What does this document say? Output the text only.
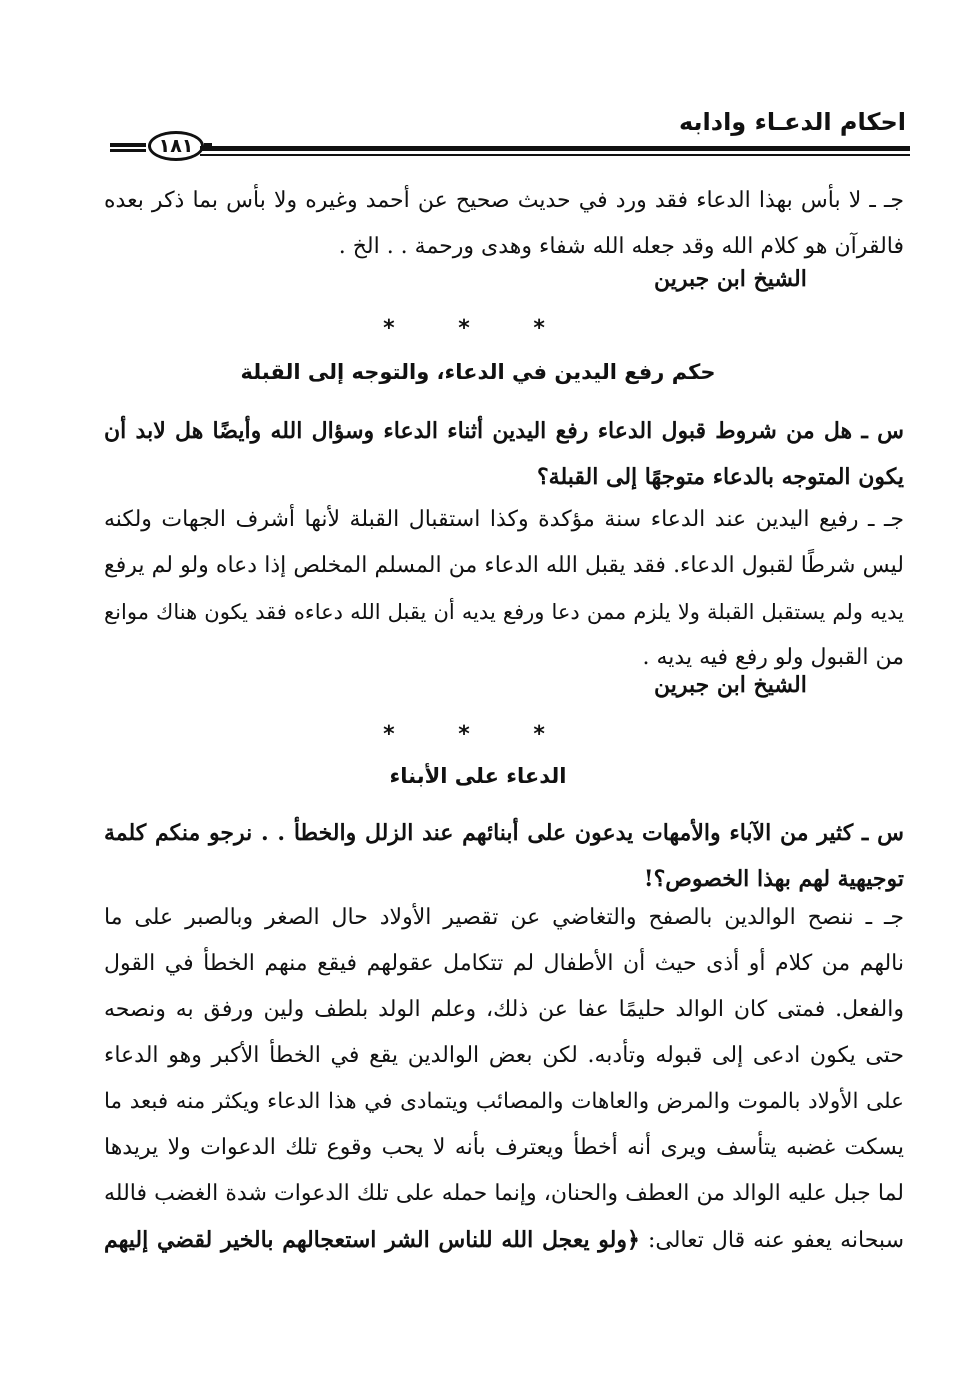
احكام الدعـاء وادابه
١٨١
جـ ـ لا بأس بهذا الدعاء فقد ورد في حديث صحيح عن أحمد وغيره ولا بأس بما ذكر بعده
فالقرآن هو كلام الله وقد جعله الله شفاء وهدى ورحمة . . الخ .
الشيخ ابن جبرين
* * *
حكم رفع اليدين في الدعاء، والتوجه إلى القبلة
س ـ هل من شروط قبول الدعاء رفع اليدين أثناء الدعاء وسؤال الله وأيضًا هل لابد أن
يكون المتوجه بالدعاء متوجهًا إلى القبلة؟
جـ ـ رفيع اليدين عند الدعاء سنة مؤكدة وكذا استقبال القبلة لأنها أشرف الجهات ولكنه
ليس شرطًا لقبول الدعاء. فقد يقبل الله الدعاء من المسلم المخلص إذا دعاه ولو لم يرفع
يديه ولم يستقبل القبلة ولا يلزم ممن دعا ورفع يديه أن يقبل الله دعاءه فقد يكون هناك موانع
من القبول ولو رفع فيه يديه .
الشيخ ابن جبرين
* * *
الدعاء على الأبناء
س ـ كثير من الآباء والأمهات يدعون على أبنائهم عند الزلل والخطأ . . نرجو منكم كلمة
توجيهية لهم بهذا الخصوص؟!
جـ ـ ننصح الوالدين بالصفح والتغاضي عن تقصير الأولاد حال الصغر وبالصبر على ما
نالهم من كلام أو أذى حيث أن الأطفال لم تتكامل عقولهم فيقع منهم الخطأ في القول
والفعل. فمتى كان الوالد حليمًا عفا عن ذلك، وعلم الولد بلطف ولين ورفق به ونصحه
حتى يكون ادعى إلى قبوله وتأدبه. لكن بعض الوالدين يقع في الخطأ الأكبر وهو الدعاء
على الأولاد بالموت والمرض والعاهات والمصائب ويتمادى في هذا الدعاء ويكثر منه فبعد ما
يسكت غضبه يتأسف ويرى أنه أخطأ ويعترف بأنه لا يحب وقوع تلك الدعوات ولا يريدها
لما جبل عليه الوالد من العطف والحنان، وإنما حمله على تلك الدعوات شدة الغضب فالله
سبحانه يعفو عنه قال تعالى: ﴿ولو يعجل الله للناس الشر استعجالهم بالخير لقضي إليهم
